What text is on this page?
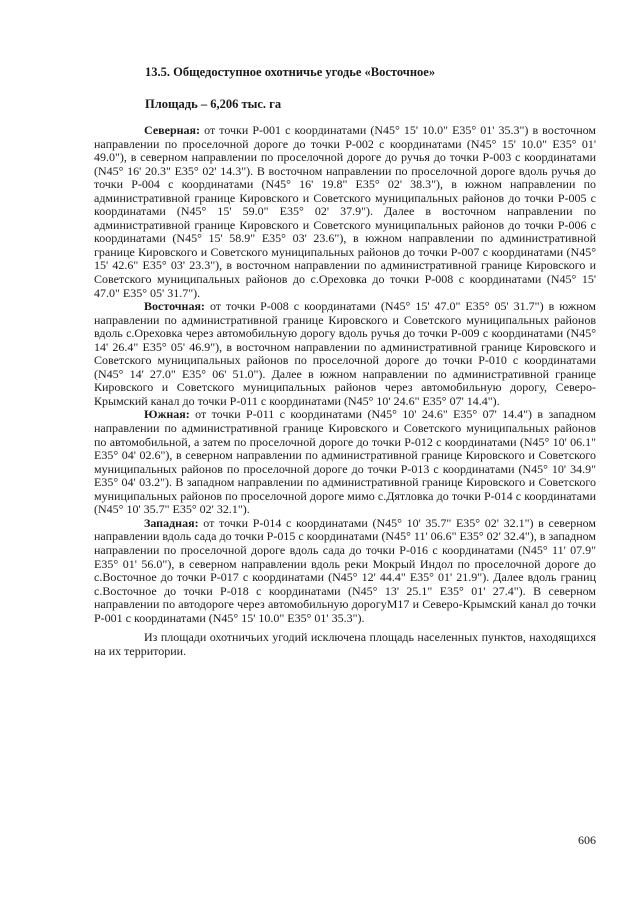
13.5. Общедоступное охотничье угодье «Восточное»
Площадь – 6,206 тыс. га

Северная: от точки Р-001 с координатами (N45° 15' 10.0" E35° 01' 35.3") в восточном направлении по проселочной дороге до точки Р-002 с координатами (N45° 15' 10.0" E35° 01' 49.0"), в северном направлении по проселочной дороге до ручья до точки Р-003 с координатами (N45° 16' 20.3" E35° 02' 14.3"). В восточном направлении по проселочной дороге вдоль ручья до точки Р-004 с координатами (N45° 16' 19.8" E35° 02' 38.3"), в южном направлении по административной границе Кировского и Советского муниципальных районов до точки Р-005 с координатами (N45° 15' 59.0" E35° 02' 37.9"). Далее в восточном направлении по административной границе Кировского и Советского муниципальных районов до точки Р-006 с координатами (N45° 15' 58.9" E35° 03' 23.6"), в южном направлении по административной границе Кировского и Советского муниципальных районов до точки Р-007 с координатами (N45° 15' 42.6" E35° 03' 23.3"), в восточном направлении по административной границе Кировского и Советского муниципальных районов до с.Ореховка до точки Р-008 с координатами (N45° 15' 47.0" E35° 05' 31.7").

Восточная: от точки Р-008 с координатами (N45° 15' 47.0" E35° 05' 31.7") в южном направлении по административной границе Кировского и Советского муниципальных районов вдоль с.Ореховка через автомобильную дорогу вдоль ручья до точки Р-009 с координатами (N45° 14' 26.4" E35° 05' 46.9"), в восточном направлении по административной границе Кировского и Советского муниципальных районов по проселочной дороге до точки Р-010 с координатами (N45° 14' 27.0" E35° 06' 51.0"). Далее в южном направлении по административной границе Кировского и Советского муниципальных районов через автомобильную дорогу, Северо-Крымский канал до точки Р-011 с координатами (N45° 10' 24.6" E35° 07' 14.4").

Южная: от точки Р-011 с координатами (N45° 10' 24.6" E35° 07' 14.4") в западном направлении по административной границе Кировского и Советского муниципальных районов по автомобильной, а затем по проселочной дороге до точки Р-012 с координатами (N45° 10' 06.1" E35° 04' 02.6"), в северном направлении по административной границе Кировского и Советского муниципальных районов по проселочной дороге до точки Р-013 с координатами (N45° 10' 34.9" E35° 04' 03.2"). В западном направлении по административной границе Кировского и Советского муниципальных районов по проселочной дороге мимо с.Дятловка до точки Р-014 с координатами (N45° 10' 35.7" E35° 02' 32.1").

Западная: от точки Р-014 с координатами (N45° 10' 35.7" E35° 02' 32.1") в северном направлении вдоль сада до точки Р-015 с координатами (N45° 11' 06.6" E35° 02' 32.4"), в западном направлении по проселочной дороге вдоль сада до точки Р-016 с координатами (N45° 11' 07.9" E35° 01' 56.0"), в северном направлении вдоль реки Мокрый Индол по проселочной дороге до с.Восточное до точки Р-017 с координатами (N45° 12' 44.4" E35° 01' 21.9"). Далее вдоль границ с.Восточное до точки Р-018 с координатами (N45° 13' 25.1" E35° 01' 27.4"). В северном направлении по автодороге через автомобильную дорогуМ17 и Северо-Крымский канал до точки Р-001 с координатами (N45° 15' 10.0" E35° 01' 35.3").

Из площади охотничьих угодий исключена площадь населенных пунктов, находящихся на их территории.

606
